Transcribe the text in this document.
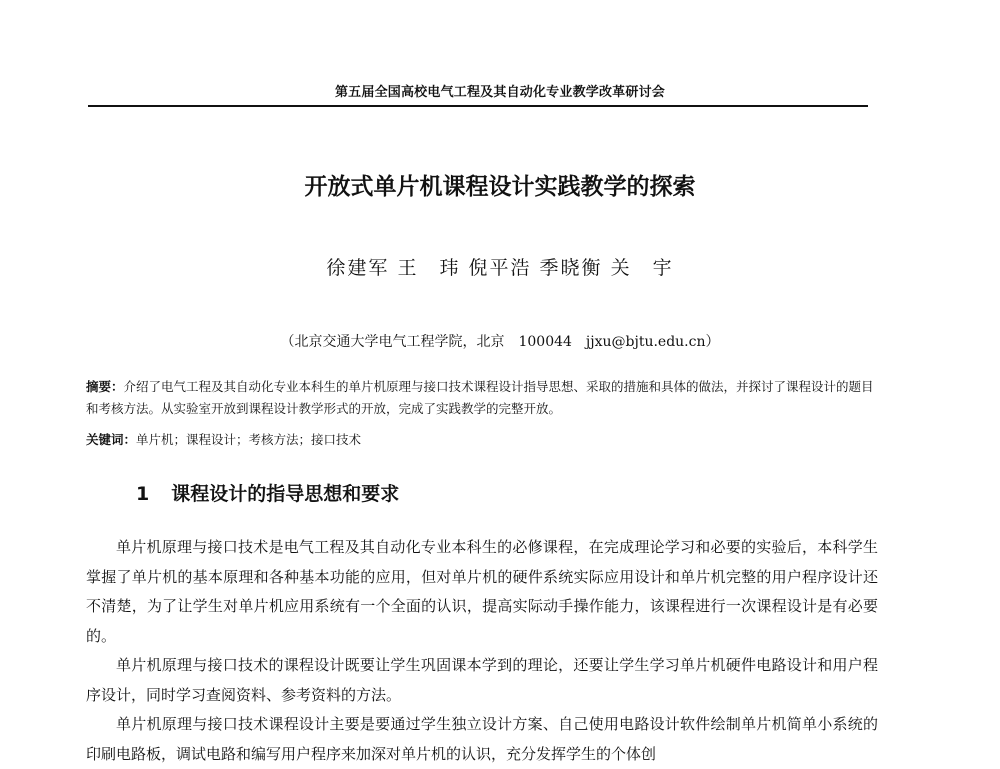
第五届全国高校电气工程及其自动化专业教学改革研讨会
开放式单片机课程设计实践教学的探索
徐建军 王　玮 倪平浩 季晓衡 关　宇
（北京交通大学电气工程学院，北京　100044　jjxu@bjtu.edu.cn）
摘要：介绍了电气工程及其自动化专业本科生的单片机原理与接口技术课程设计指导思想、采取的措施和具体的做法，并探讨了课程设计的题目和考核方法。从实验室开放到课程设计教学形式的开放，完成了实践教学的完整开放。
关键词：单片机；课程设计；考核方法；接口技术
1 课程设计的指导思想和要求

单片机原理与接口技术是电气工程及其自动化专业本科生的必修课程，在完成理论学习和必要的实验后，本科学生掌握了单片机的基本原理和各种基本功能的应用，但对单片机的硬件系统实际应用设计和单片机完整的用户程序设计还不清楚，为了让学生对单片机应用系统有一个全面的认识，提高实际动手操作能力，该课程进行一次课程设计是有必要的。

单片机原理与接口技术的课程设计既要让学生巩固课本学到的理论，还要让学生学习单片机硬件电路设计和用户程序设计，同时学习查阅资料、参考资料的方法。

单片机原理与接口技术课程设计主要是要通过学生独立设计方案、自己使用电路设计软件绘制单片机简单小系统的印刷电路板，调试电路和编写用户程序来加深对单片机的认识，充分发挥学生的个体创
